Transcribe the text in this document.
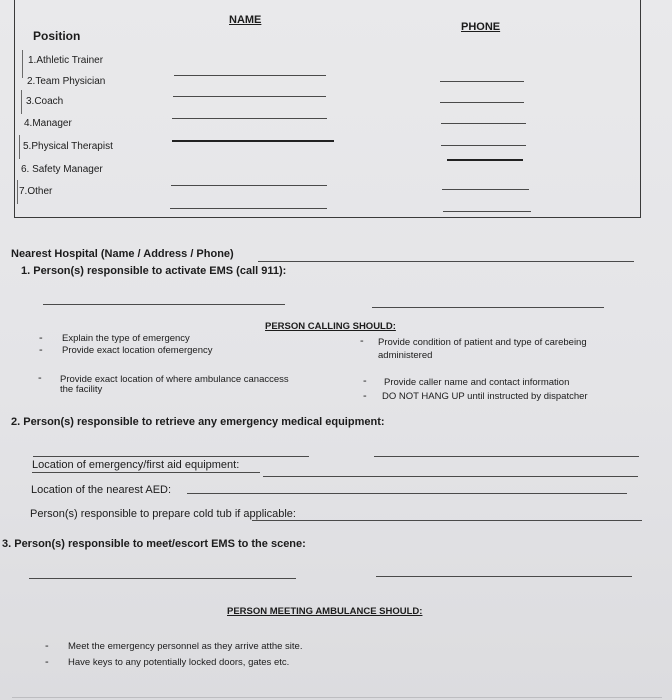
NAME
PHONE
Position
1.Athletic Trainer
2.Team Physician
3.Coach
4.Manager
5.Physical Therapist
6. Safety Manager
7.Other
Nearest Hospital (Name / Address / Phone)
1. Person(s) responsible to activate EMS (call 911):
PERSON CALLING SHOULD:
-
-
Explain the type of emergency
Provide exact location ofemergency
- Provide condition of patient and type of carebeing
administered
- Provide exact location of where ambulance canaccess
the facility
-
-
Provide caller name and contact information
DO NOT HANG UP until instructed by dispatcher
2. Person(s) responsible to retrieve any emergency medical equipment:
Location of emergency/first aid equipment:
Location of the nearest AED:
Person(s) responsible to prepare cold tub if applicable:
3. Person(s) responsible to meet/escort EMS to the scene:
PERSON MEETING AMBULANCE SHOULD:
-
-
Meet the emergency personnel as they arrive atthe site.
Have keys to any potentially locked doors, gates etc.
